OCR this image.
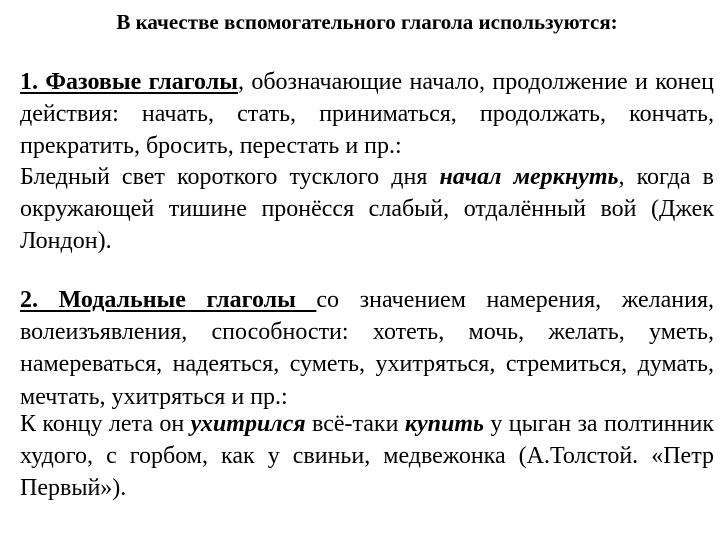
В качестве вспомогательного глагола используются:
1. Фазовые глаголы, обозначающие начало, продолжение и конец действия: начать, стать, приниматься, продолжать, кончать, прекратить, бросить, перестать и пр.:
Бледный свет короткого тусклого дня начал меркнуть, когда в окружающей тишине пронёсся слабый, отдалённый вой (Джек Лондон).
2. Модальные глаголы со значением намерения, желания, волеизъявления, способности: хотеть, мочь, желать, уметь, намереваться, надеяться, суметь, ухитряться, стремиться, думать, мечтать, ухитряться и пр.:
К концу лета он ухитрился всё-таки купить у цыган за полтинник худого, с горбом, как у свиньи, медвежонка (А.Толстой. «Петр Первый»).
